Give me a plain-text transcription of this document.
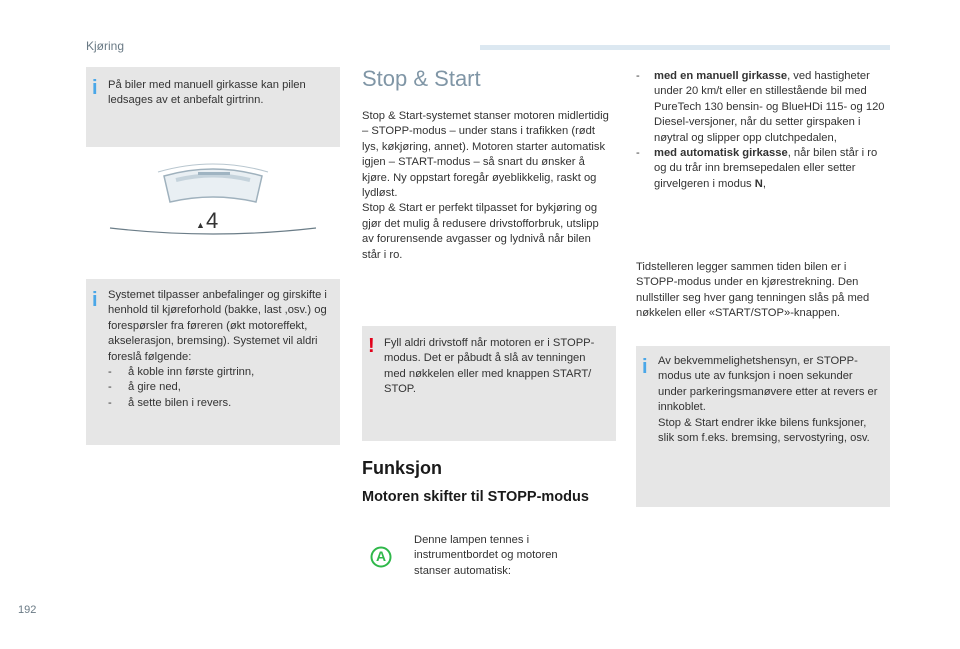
Kjøring
i På biler med manuell girkasse kan pilen ledsages av et anbefalt girtrinn.
▲ 4
i Systemet tilpasser anbefalinger og girskifte i henhold til kjøreforhold (bakke, last ,osv.) og forespørsler fra føreren (økt motoreffekt, akselerasjon, bremsing). Systemet vil aldri foreslå følgende:
- å koble inn første girtrinn,
- å gire ned,
- å sette bilen i revers.
Stop & Start
Stop & Start-systemet stanser motoren midlertidig – STOPP-modus – under stans i trafikken (rødt lys, køkjøring, annet). Motoren starter automatisk igjen – START-modus – så snart du ønsker å kjøre. Ny oppstart foregår øyeblikkelig, raskt og lydløst.
Stop & Start er perfekt tilpasset for bykjøring og gjør det mulig å redusere drivstofforbruk, utslipp av forurensende avgasser og lydnivå når bilen står i ro.
! Fyll aldri drivstoff når motoren er i STOPP-modus. Det er påbudt å slå av tenningen med nøkkelen eller med knappen START/ STOP.
Funksjon
Motoren skifter til STOPP-modus
A
Denne lampen tennes i instrumentbordet og motoren stanser automatisk:
- med en manuell girkasse, ved hastigheter under 20 km/t eller en stillestående bil med PureTech 130 bensin- og BlueHDi 115- og 120 Diesel-versjoner, når du setter girspaken i nøytral og slipper opp clutchpedalen,
- med automatisk girkasse, når bilen står i ro og du trår inn bremsepedalen eller setter girvelgeren i modus N,
Tidstelleren legger sammen tiden bilen er i STOPP-modus under en kjørestrekning. Den nullstiller seg hver gang tenningen slås på med nøkkelen eller «START/STOP»-knappen.
i Av bekvemmelighetshensyn, er STOPP-modus ute av funksjon i noen sekunder under parkeringsmanøvere etter at revers er innkoblet.
Stop & Start endrer ikke bilens funksjoner, slik som f.eks. bremsing, servostyring, osv.
192
